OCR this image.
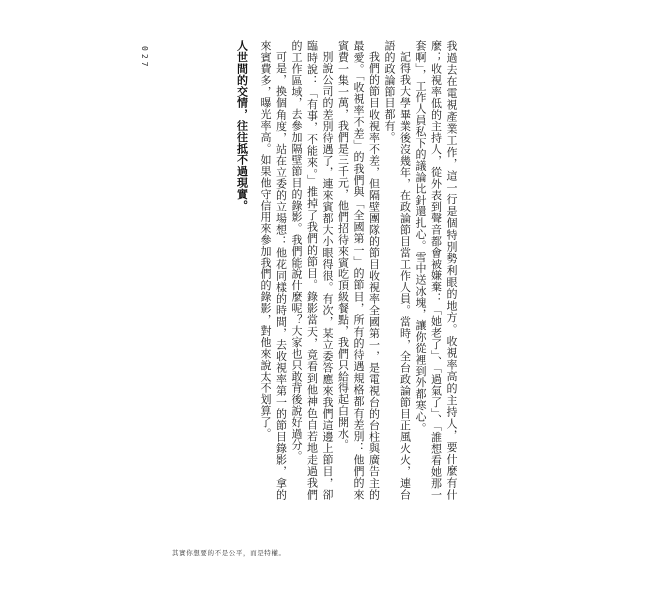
027	我過去在電視產業工作，這一行是個特別勢利眼的地方。收視率高的主持

人，要什麼有什麼；收視率低的主持人，從外表到聲音都會被嫌棄：「她老了」、「過氣了」、「誰想看她那一套啊」，工作人員私下的議論比針還扎心。雪中送冰塊，讓你從裡到外都寒心。

記得我大學畢業後沒幾年，在政論節目當工作人員。當時，全台政論節目正風火火，連台語的政論節目都有。

我們的節目收視率不差，但隔壁團隊的節目收視率全國第一，是電視台的台柱與廣告主的最愛。「收視率不差」的我們與「全國第一」的節目，所有的待遇規格都有差別：他們的來賓費一集一萬，我們是三千元，他們招待來賓吃頂級餐點，我們只給得起白開水。

別說公司的差別待遇了，連來賓都大小眼得很。有次，某立委答應來我們這邊上節目，卻臨時說：「有事，不能來。」推掉了我們的節目。錄影當天，竟看到他神色自若地走過我們的工作區域，去參加隔壁節目的錄影。我們能說什麼呢？大家也只敢背後說好過分。

可是，換個角度，站在立委的立場想：他花同樣的時間，去收視率第一的節目錄影，拿的來賓費多，曝光率高。如果他守信用來參加我們的錄影，對他來說太不划算了。

人世間的交情，往往抵不過現實。

其實你想要的不是公平，而是特權。
